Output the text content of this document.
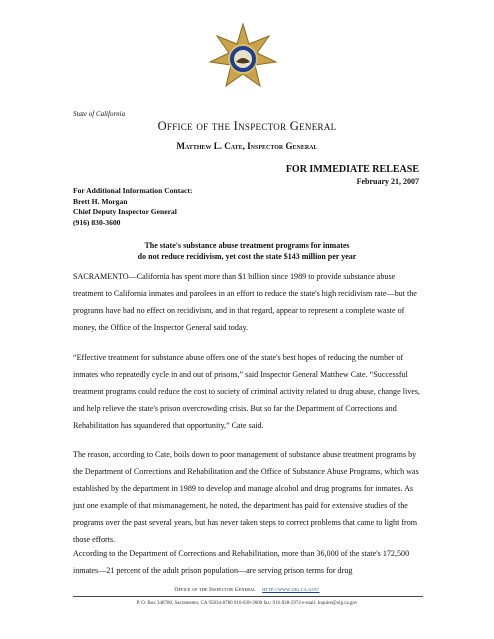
State of California
Office of the Inspector General
Matthew L. Cate, Inspector General
FOR IMMEDIATE RELEASE
February 21, 2007
For Additional Information Contact:
Brett H. Morgan
Chief Deputy Inspector General
(916) 830-3600
The state's substance abuse treatment programs for inmates
do not reduce recidivism, yet cost the state $143 million per year

SACRAMENTO—California has spent more than $1 billion since 1989 to provide substance abuse treatment to California inmates and parolees in an effort to reduce the state's high recidivism rate—but the programs have had no effect on recidivism, and in that regard, appear to represent a complete waste of money, the Office of the Inspector General said today.

“Effective treatment for substance abuse offers one of the state's best hopes of reducing the number of inmates who repeatedly cycle in and out of prisons,” said Inspector General Matthew Cate. “Successful treatment programs could reduce the cost to society of criminal activity related to drug abuse, change lives, and help relieve the state's prison overcrowding crisis. But so far the Department of Corrections and Rehabilitation has squandered that opportunity,” Cate said.

The reason, according to Cate, boils down to poor management of substance abuse treatment programs by the Department of Corrections and Rehabilitation and the Office of Substance Abuse Programs, which was established by the department in 1989 to develop and manage alcohol and drug programs for inmates. As just one example of that mismanagement, he noted, the department has paid for extensive studies of the programs over the past several years, but has never taken steps to correct problems that came to light from those efforts.

According to the Department of Corrections and Rehabilitation, more than 36,000 of the state's 172,500 inmates—21 percent of the adult prison population—are serving prison terms for drug

Office of the Inspector General http://www.oig.ca.gov/
P. O. Box 348780, Sacramento, CA 95834-8780 916-830-3600 fax: 916-928-5974 e-mail: Inquire@oig.ca.gov
